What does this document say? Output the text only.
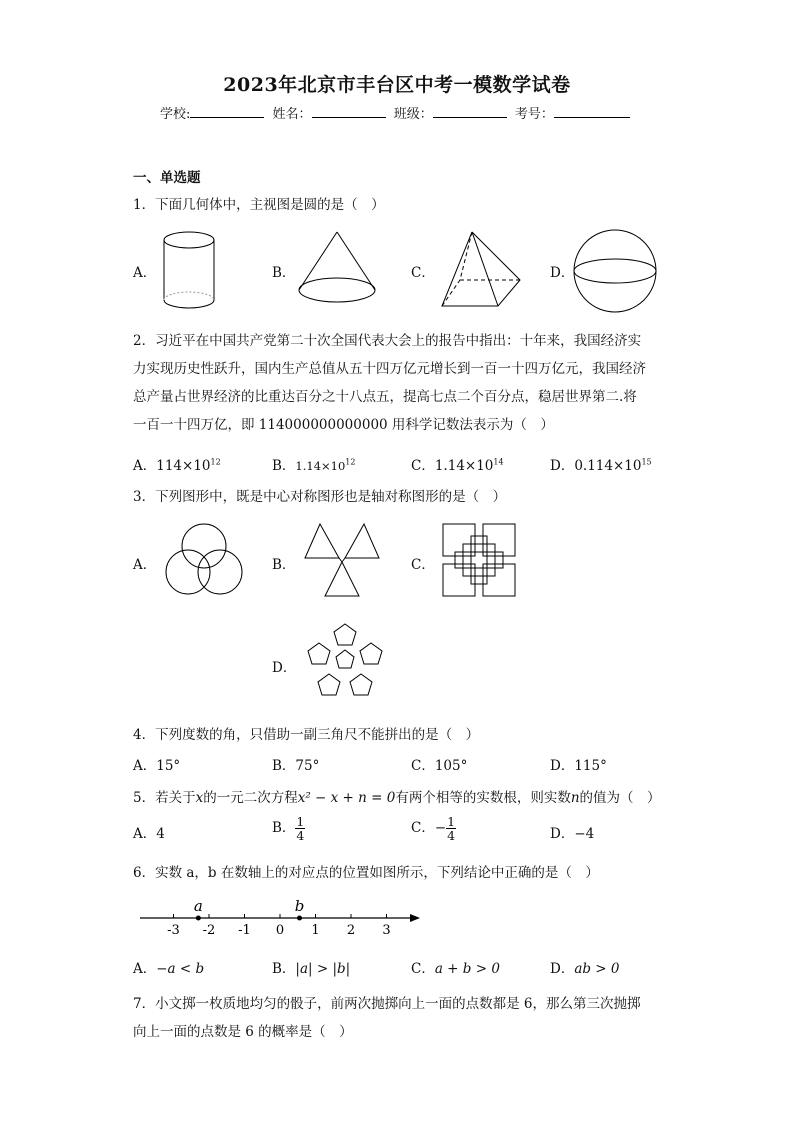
2023年北京市丰台区中考一模数学试卷
学校:	姓名：	班级：	考号：
一、单选题
1．下面几何体中，主视图是圆的是（　）
A．	B．	C．	D．
2．习近平在中国共产党第二十次全国代表大会上的报告中指出：十年来，我国经济实
力实现历史性跃升，国内生产总值从五十四万亿元增长到一百一十四万亿元，我国经济
总产量占世界经济的比重达百分之十八点五，提高七点二个百分点，稳居世界第二.将
一百一十四万亿，即 114000000000000 用科学记数法表示为（　）
A．$114\times 10^{12}$	B．$1.14\times 10^{12}$	C．$1.14\times 10^{14}$	D．$0.114\times 10^{15}$
3．下列图形中，既是中心对称图形也是轴对称图形的是（　）
A．	B．	C．
D．
4．下列度数的角，只借助一副三角尺不能拼出的是（　）
A．15°	B．75°	C．105°	D．115°
5．若关于x的一元二次方程x² − x + n = 0有两个相等的实数根，则实数n的值为（　）
A．4	B． $\frac{1}{4}$	C．− $\frac{1}{4}$	D．−4
6．实数 a，b 在数轴上的对应点的位置如图所示，下列结论中正确的是（　）
-3 -2 -1 0 1 2 3
a	b
A．−a < b	B．|a| > |b|	C．a + b > 0	D．ab > 0
7．小文掷一枚质地均匀的骰子，前两次抛掷向上一面的点数都是 6，那么第三次抛掷
向上一面的点数是 6 的概率是（　）
